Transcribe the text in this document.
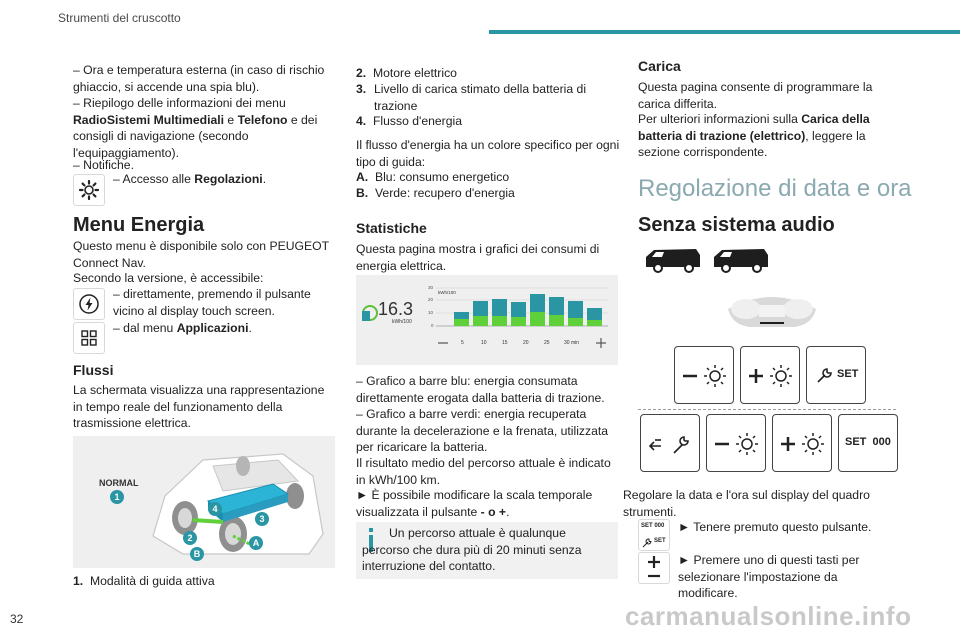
Strumenti del cruscotto
– Ora e temperatura esterna (in caso di rischio ghiaccio, si accende una spia blu).
– Riepilogo delle informazioni dei menu RadioSistemi Multimediali e Telefono e dei consigli di navigazione (secondo l'equipaggiamento).
– Notifiche.
– Accesso alle Regolazioni.
Menu Energia
Questo menu è disponibile solo con PEUGEOT Connect Nav.
Secondo la versione, è accessibile:
– direttamente, premendo il pulsante vicino al display touch screen.
– dal menu Applicazioni.
Flussi
La schermata visualizza una rappresentazione in tempo reale del funzionamento della trasmissione elettrica.
NORMAL
1
2
3
4
A
B
1. Modalità di guida attiva
2. Motore elettrico
3. Livello di carica stimato della batteria di trazione
4. Flusso d'energia
Il flusso d'energia ha un colore specifico per ogni tipo di guida:
A. Blu: consumo energetico
B. Verde: recupero d'energia
Statistiche
Questa pagina mostra i grafici dei consumi di energia elettrica.
16.3
kWh/100
kWh/100
30
20
10
0
5	10	15	20	25	30 min
– Grafico a barre blu: energia consumata direttamente erogata dalla batteria di trazione.
– Grafico a barre verdi: energia recuperata durante la decelerazione e la frenata, utilizzata per ricaricare la batteria.
Il risultato medio del percorso attuale è indicato in kWh/100 km.
► È possibile modificare la scala temporale visualizzata il pulsante - o +.
Un percorso attuale è qualunque percorso che dura più di 20 minuti senza interruzione del contatto.
Carica
Questa pagina consente di programmare la carica differita.
Per ulteriori informazioni sulla Carica della batteria di trazione (elettrico), leggere la sezione corrispondente.
Regolazione di data e ora
Senza sistema audio
SET
SET  000
Regolare la data e l'ora sul display del quadro strumenti.
SET 000
SET
► Tenere premuto questo pulsante.
► Premere uno di questi tasti per selezionare l'impostazione da modificare.
32	carmanualsonline.info
